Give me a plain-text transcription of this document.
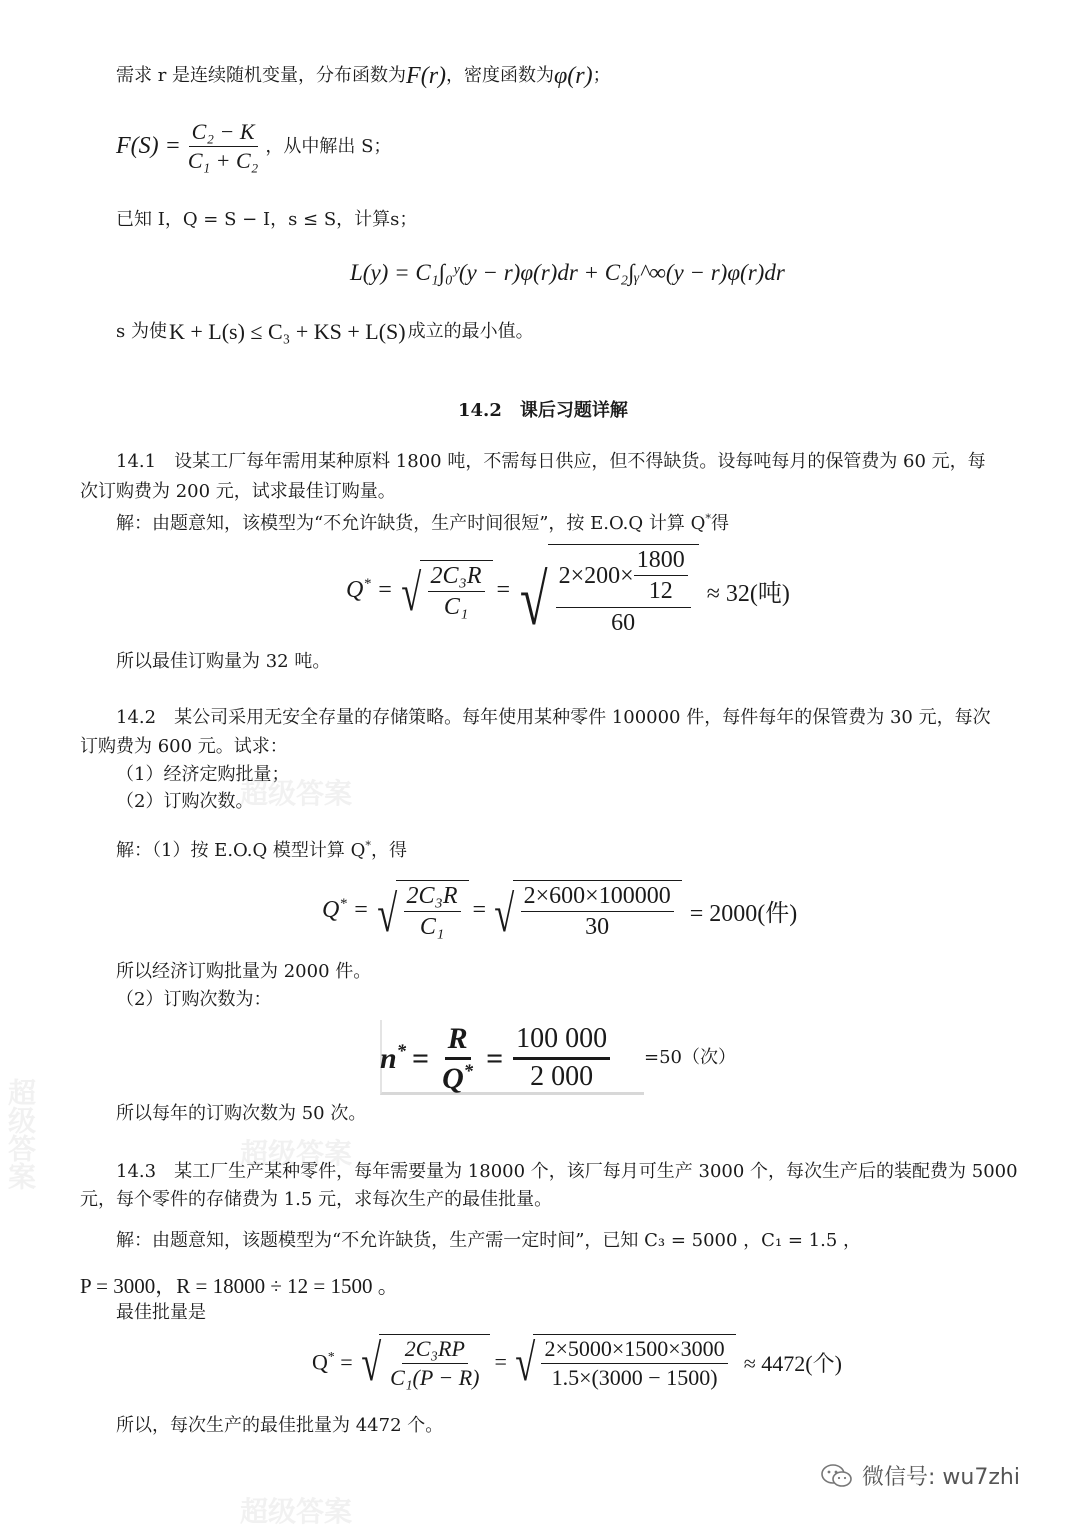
超级答案
超级答案
超级答案
超级答案
需求 r 是连续随机变量，分布函数为 F(r) ，密度函数为 φ(r) ；
$F(S) = \frac{\text{C₂ − K}}{\text{C₁ + C₂}}$ ，从中解出 S；
已知 I，Q = S − I，s ≤ S，计算s；
L(y) = C₁∫₀ʸ(y − r)φ(r)dr + C₂∫ᵧ^∞(y − r)φ(r)dr
s 为使 K + L(s) ≤ C₃ + KS + L(S) 成立的最小值。
14.2　课后习题详解
14.1　设某工厂每年需用某种原料 1800 吨，不需每日供应，但不得缺货。设每吨每月的保管费为 60 元，每
次订购费为 200 元，试求最佳订购量。
解：由题意知，该模型为“不允许缺货，生产时间很短”，按 E.O.Q 计算 Q*得
Q* = √ $\frac{\text{2C₃R}}{\text{C₁}}$ = √ $\frac{2\times 200\times \frac{1800}{12}}{60} \approx 32$(吨)
所以最佳订购量为 32 吨。
14.2　某公司采用无安全存量的存储策略。每年使用某种零件 100000 件，每件每年的保管费为 30 元，每次
订购费为 600 元。试求：
（1）经济定购批量；
（2）订购次数。
解：（1）按 E.O.Q 模型计算 Q*，得
Q* = √ $\frac{\text{2C₃R}}{\text{C₁}}$ = √ $\frac{2\times 600\times 100000}{30} = 2000$(件)
所以经济订购批量为 2000 件。
（2）订购次数为：
$n^* = \frac{R}{Q^*} = \frac{100 000}{2 000} =50$（次）
所以每年的订购次数为 50 次。
14.3　某工厂生产某种零件，每年需要量为 18000 个，该厂每月可生产 3000 个，每次生产后的装配费为 5000
元，每个零件的存储费为 1.5 元，求每次生产的最佳批量。
解：由题意知，该题模型为“不允许缺货，生产需一定时间”，已知 C₃ = 5000 ，C₁ = 1.5 ，
P = 3000，R = 18000 ÷ 12 = 1500 。
最佳批量是
Q* = √ $\frac{\text{2C₃RP}}{\text{C₁(P − R)}}$ = √ $\frac{2\times 5000\times 1500\times 3000}{1.5\times(3000 - 1500)} \approx 4472$(个)
所以，每次生产的最佳批量为 4472 个。
微信号: wu7zhi
